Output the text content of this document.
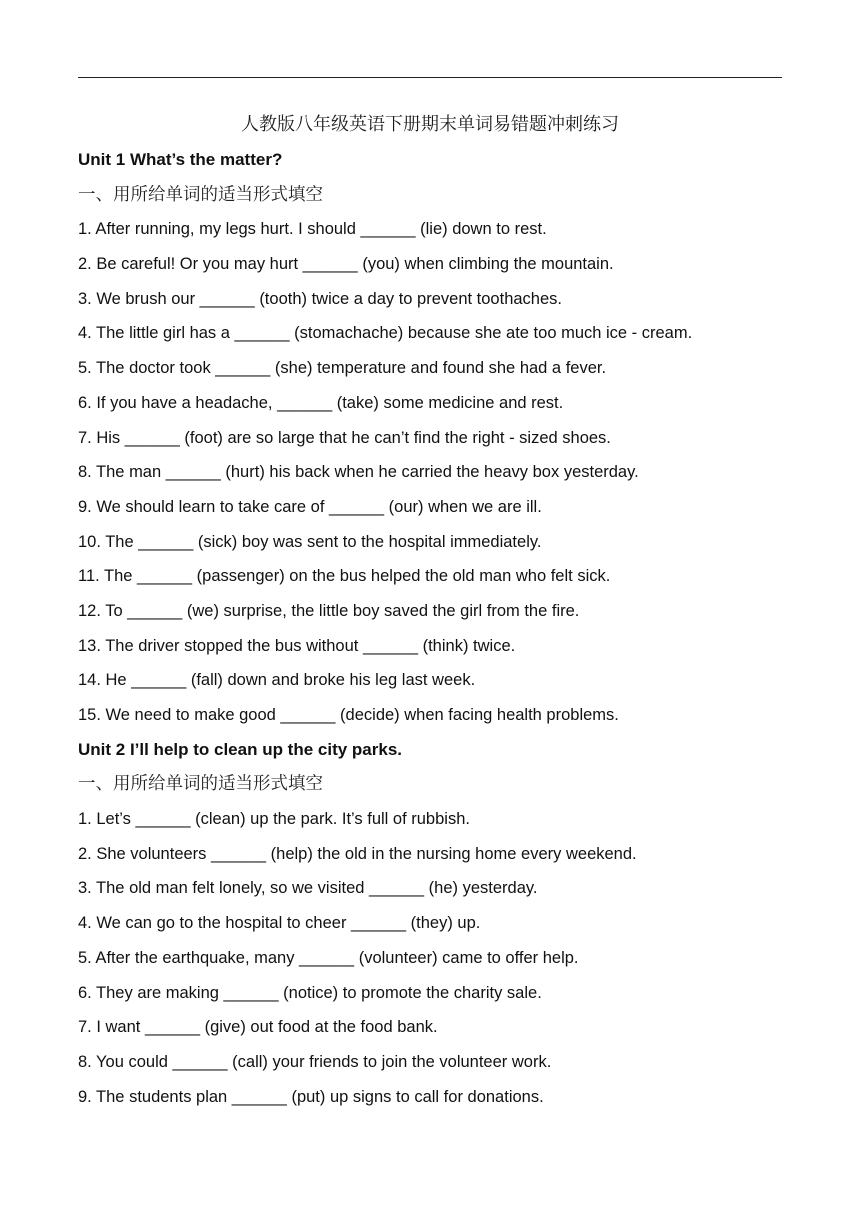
人教版八年级英语下册期末单词易错题冲刺练习
Unit 1 What’s the matter?
一、用所给单词的适当形式填空
1. After running, my legs hurt. I should ______ (lie) down to rest.
2. Be careful! Or you may hurt ______ (you) when climbing the mountain.
3. We brush our ______ (tooth) twice a day to prevent toothaches.
4. The little girl has a ______ (stomachache) because she ate too much ice - cream.
5. The doctor took ______ (she) temperature and found she had a fever.
6. If you have a headache, ______ (take) some medicine and rest.
7. His ______ (foot) are so large that he can’t find the right - sized shoes.
8. The man ______ (hurt) his back when he carried the heavy box yesterday.
9. We should learn to take care of ______ (our) when we are ill.
10. The ______ (sick) boy was sent to the hospital immediately.
11. The ______ (passenger) on the bus helped the old man who felt sick.
12. To ______ (we) surprise, the little boy saved the girl from the fire.
13. The driver stopped the bus without ______ (think) twice.
14. He ______ (fall) down and broke his leg last week.
15. We need to make good ______ (decide) when facing health problems.
Unit 2 I’ll help to clean up the city parks.
一、用所给单词的适当形式填空
1. Let’s ______ (clean) up the park. It’s full of rubbish.
2. She volunteers ______ (help) the old in the nursing home every weekend.
3. The old man felt lonely, so we visited ______ (he) yesterday.
4. We can go to the hospital to cheer ______ (they) up.
5. After the earthquake, many ______ (volunteer) came to offer help.
6. They are making ______ (notice) to promote the charity sale.
7. I want ______ (give) out food at the food bank.
8. You could ______ (call) your friends to join the volunteer work.
9. The students plan ______ (put) up signs to call for donations.
